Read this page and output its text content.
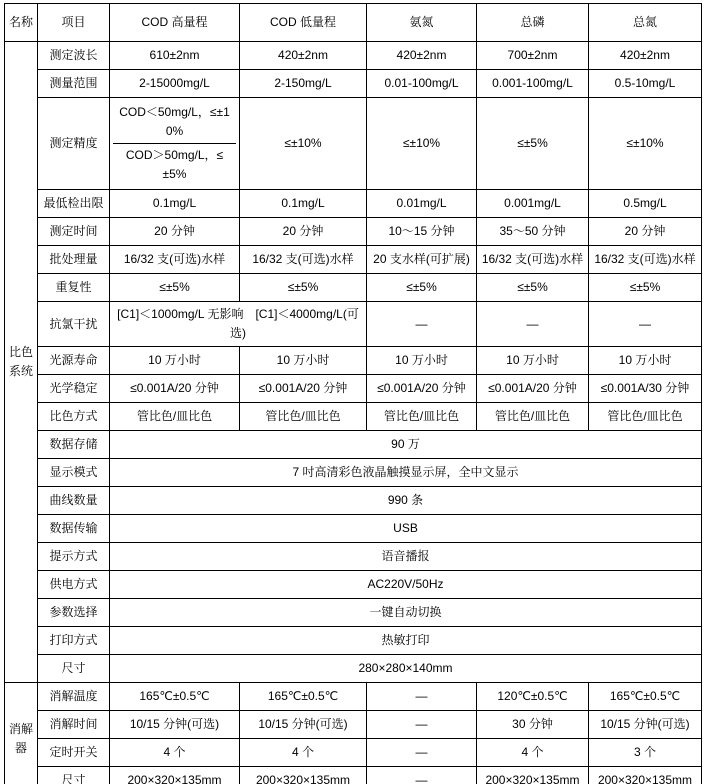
名称	项目	COD 高量程	COD 低量程	氨氮	总磷	总氮
比色系统	测定波长	610±2nm	420±2nm	420±2nm	700±2nm	420±2nm
	测量范围	2-15000mg/L	2-150mg/L	0.01-100mg/L	0.001-100mg/L	0.5-10mg/L
	测定精度	COD＜50mg/L，≤±10%
COD＞50mg/L，≤±5%	≤±10%	≤±10%	≤±5%	≤±10%
	最低检出限	0.1mg/L	0.1mg/L	0.01mg/L	0.001mg/L	0.5mg/L
	测定时间	20 分钟	20 分钟	10～15 分钟	35～50 分钟	20 分钟
	批处理量	16/32 支(可选)水样	16/32 支(可选)水样	20 支水样(可扩展)	16/32 支(可选)水样	16/32 支(可选)水样
	重复性	≤±5%	≤±5%	≤±5%	≤±5%	≤±5%
	抗氯干扰	[C1]＜1000mg/L 无影响　[C1]＜4000mg/L(可选)		—	—	—
	光源寿命	10 万小时	10 万小时	10 万小时	10 万小时	10 万小时
	光学稳定	≤0.001A/20 分钟	≤0.001A/20 分钟	≤0.001A/20 分钟	≤0.001A/20 分钟	≤0.001A/30 分钟
	比色方式	管比色/皿比色	管比色/皿比色	管比色/皿比色	管比色/皿比色	管比色/皿比色
	数据存储	90 万				
	显示模式	7 吋高清彩色液晶触摸显示屏，全中文显示				
	曲线数量	990 条				
	数据传输	USB				
	提示方式	语音播报				
	供电方式	AC220V/50Hz				
	参数选择	一键自动切换				
	打印方式	热敏打印				
	尺寸	280×280×140mm				
消解器	消解温度	165℃±0.5℃	165℃±0.5℃	—	120℃±0.5℃	165℃±0.5℃
	消解时间	10/15 分钟(可选)	10/15 分钟(可选)	—	30 分钟	10/15 分钟(可选)
	定时开关	4 个	4 个	—	4 个	3 个
	尺寸	200×320×135mm	200×320×135mm	—	200×320×135mm	200×320×135mm
